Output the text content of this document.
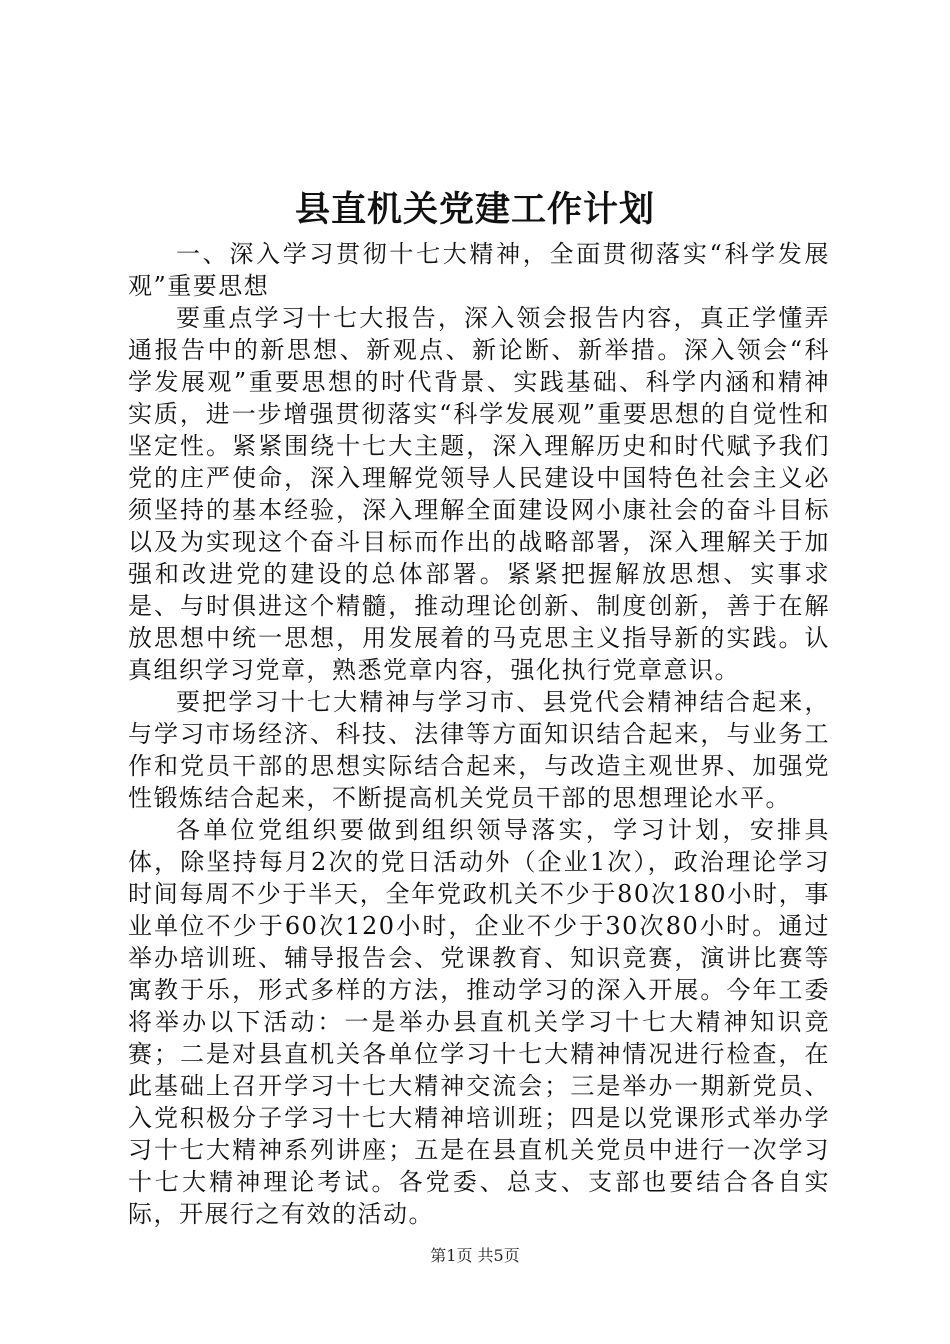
县直机关党建工作计划

一、深入学习贯彻十七大精神，全面贯彻落实“科学发展观”重要思想

要重点学习十七大报告，深入领会报告内容，真正学懂弄通报告中的新思想、新观点、新论断、新举措。深入领会“科学发展观”重要思想的时代背景、实践基础、科学内涵和精神实质，进一步增强贯彻落实“科学发展观”重要思想的自觉性和坚定性。紧紧围绕十七大主题，深入理解历史和时代赋予我们党的庄严使命，深入理解党领导人民建设中国特色社会主义必须坚持的基本经验，深入理解全面建设网小康社会的奋斗目标以及为实现这个奋斗目标而作出的战略部署，深入理解关于加强和改进党的建设的总体部署。紧紧把握解放思想、实事求是、与时俱进这个精髓，推动理论创新、制度创新，善于在解放思想中统一思想，用发展着的马克思主义指导新的实践。认真组织学习党章，熟悉党章内容，强化执行党章意识。

要把学习十七大精神与学习市、县党代会精神结合起来，与学习市场经济、科技、法律等方面知识结合起来，与业务工作和党员干部的思想实际结合起来，与改造主观世界、加强党性锻炼结合起来，不断提高机关党员干部的思想理论水平。

各单位党组织要做到组织领导落实，学习计划，安排具体，除坚持每月2次的党日活动外（企业1次），政治理论学习时间每周不少于半天，全年党政机关不少于80次180小时，事业单位不少于60次120小时，企业不少于30次80小时。通过举办培训班、辅导报告会、党课教育、知识竞赛，演讲比赛等寓教于乐，形式多样的方法，推动学习的深入开展。今年工委将举办以下活动：一是举办县直机关学习十七大精神知识竞赛；二是对县直机关各单位学习十七大精神情况进行检查，在此基础上召开学习十七大精神交流会；三是举办一期新党员、入党积极分子学习十七大精神培训班；四是以党课形式举办学习十七大精神系列讲座；五是在县直机关党员中进行一次学习十七大精神理论考试。各党委、总支、支部也要结合各自实际，开展行之有效的活动。

第1页 共5页
